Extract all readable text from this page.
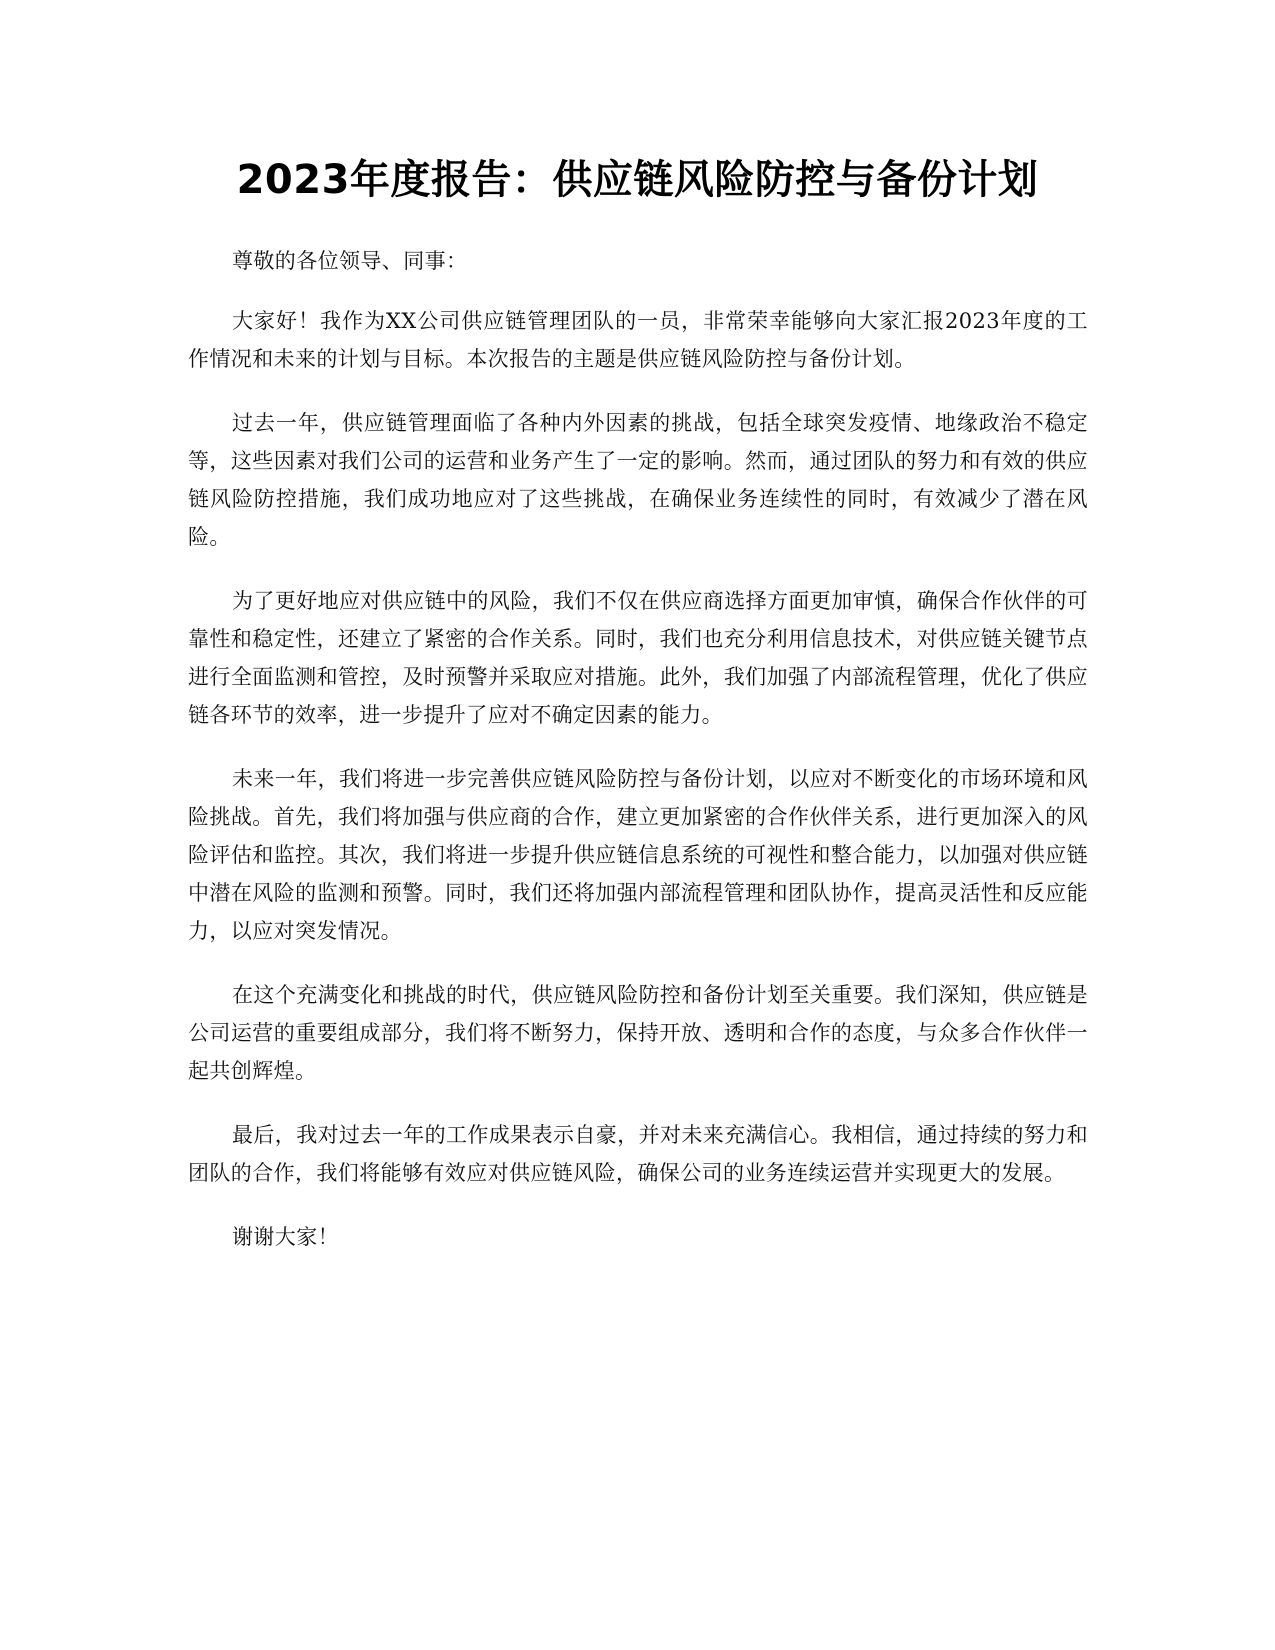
2023年度报告：供应链风险防控与备份计划

尊敬的各位领导、同事：

大家好！我作为XX公司供应链管理团队的一员，非常荣幸能够向大家汇报2023年度的工作情况和未来的计划与目标。本次报告的主题是供应链风险防控与备份计划。

过去一年，供应链管理面临了各种内外因素的挑战，包括全球突发疫情、地缘政治不稳定等，这些因素对我们公司的运营和业务产生了一定的影响。然而，通过团队的努力和有效的供应链风险防控措施，我们成功地应对了这些挑战，在确保业务连续性的同时，有效减少了潜在风险。

为了更好地应对供应链中的风险，我们不仅在供应商选择方面更加审慎，确保合作伙伴的可靠性和稳定性，还建立了紧密的合作关系。同时，我们也充分利用信息技术，对供应链关键节点进行全面监测和管控，及时预警并采取应对措施。此外，我们加强了内部流程管理，优化了供应链各环节的效率，进一步提升了应对不确定因素的能力。

未来一年，我们将进一步完善供应链风险防控与备份计划，以应对不断变化的市场环境和风险挑战。首先，我们将加强与供应商的合作，建立更加紧密的合作伙伴关系，进行更加深入的风险评估和监控。其次，我们将进一步提升供应链信息系统的可视性和整合能力，以加强对供应链中潜在风险的监测和预警。同时，我们还将加强内部流程管理和团队协作，提高灵活性和反应能力，以应对突发情况。

在这个充满变化和挑战的时代，供应链风险防控和备份计划至关重要。我们深知，供应链是公司运营的重要组成部分，我们将不断努力，保持开放、透明和合作的态度，与众多合作伙伴一起共创辉煌。

最后，我对过去一年的工作成果表示自豪，并对未来充满信心。我相信，通过持续的努力和团队的合作，我们将能够有效应对供应链风险，确保公司的业务连续运营并实现更大的发展。

谢谢大家！
